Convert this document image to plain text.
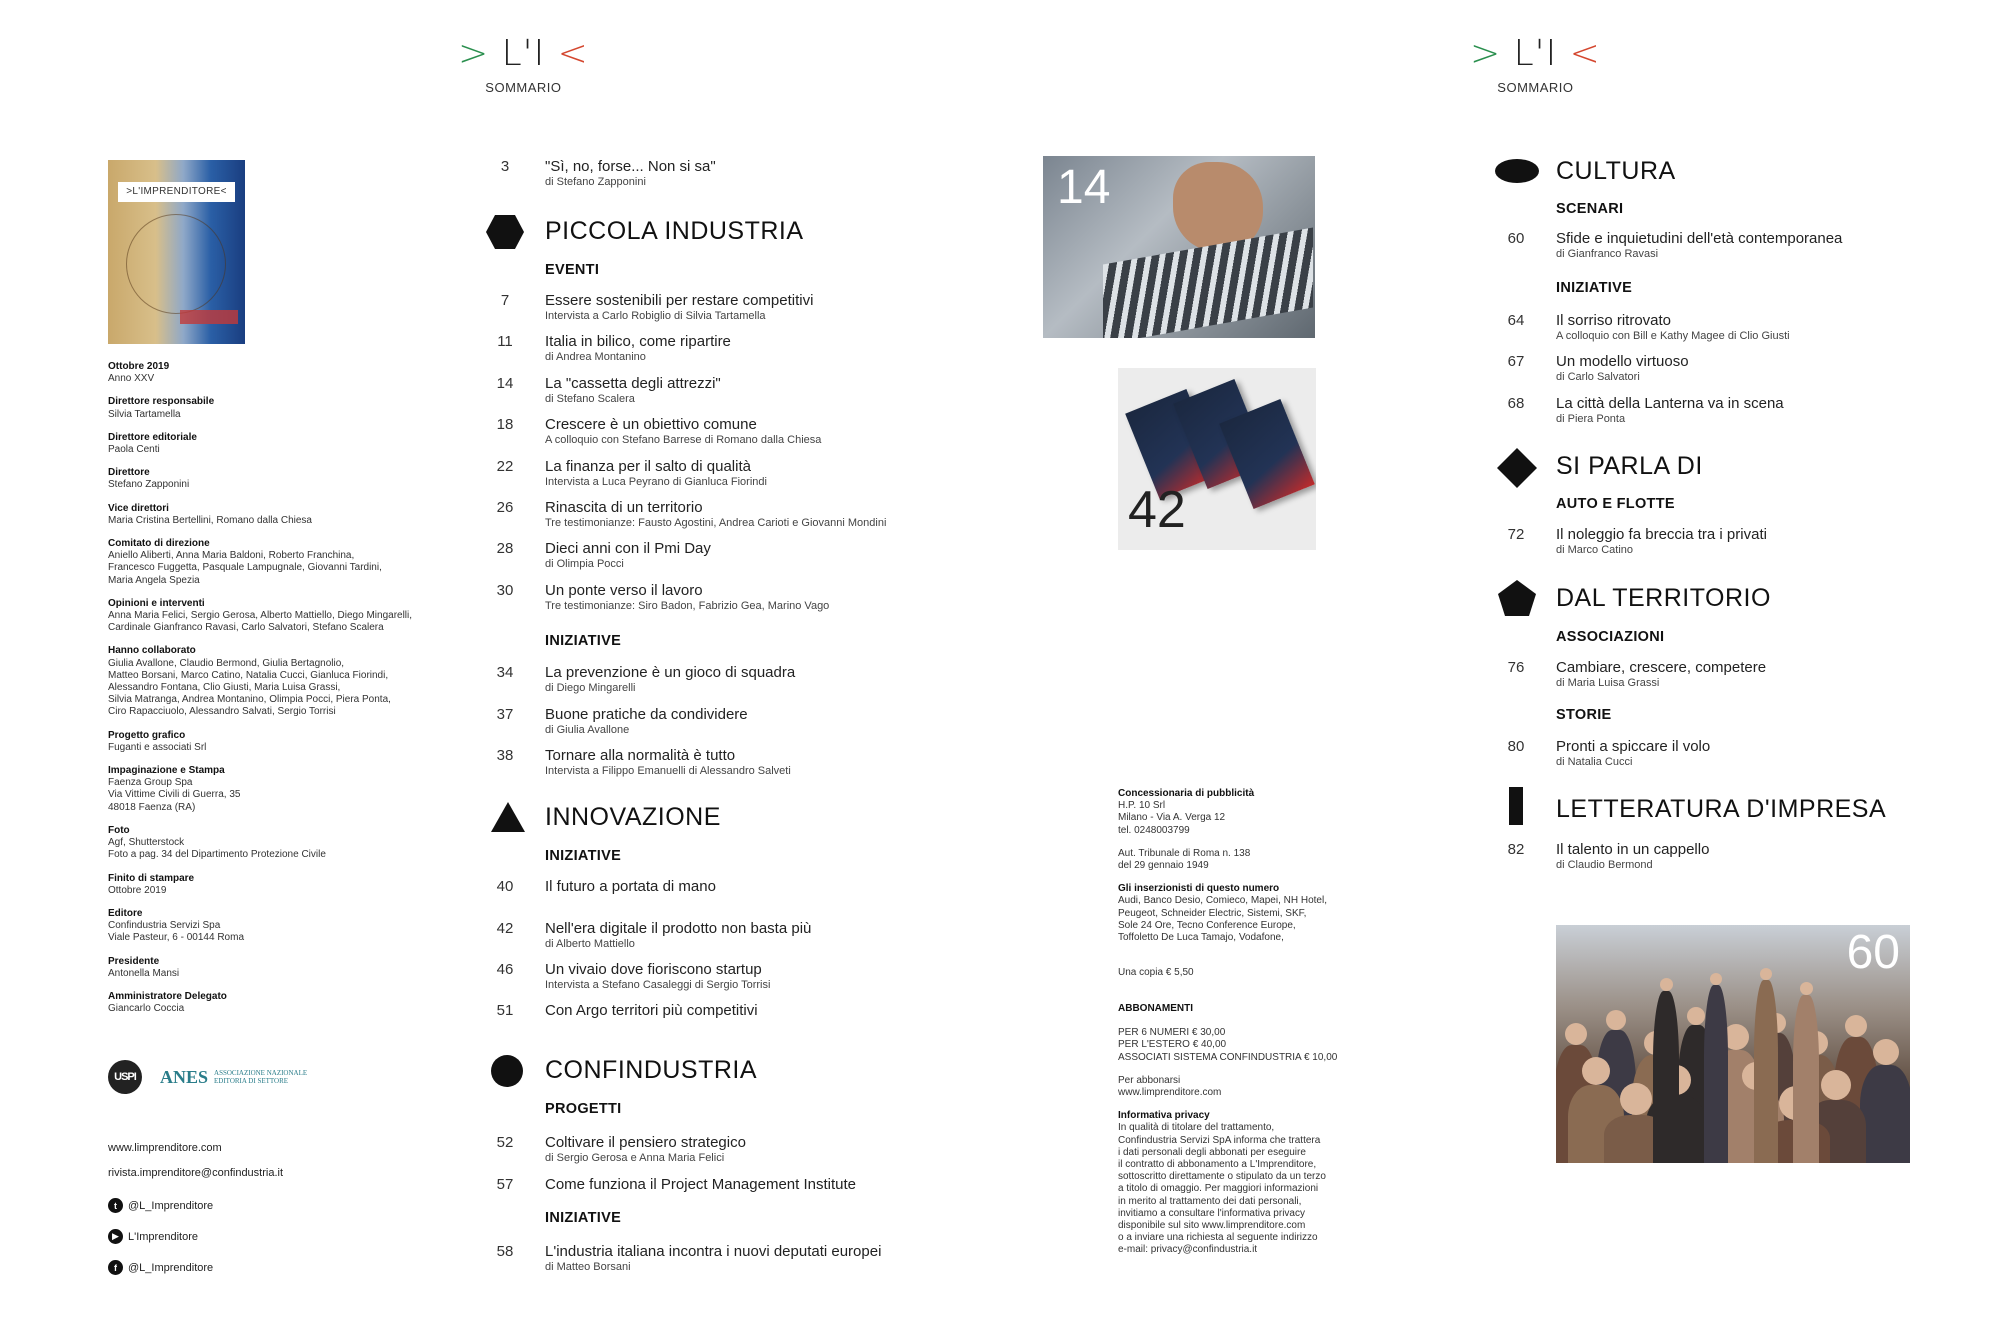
> L'I <
SOMMARIO
> L'I <
SOMMARIO
>L'IMPRENDITORE<
Ottobre 2019
Anno XXV
Direttore responsabile
Silvia Tartamella
Direttore editoriale
Paola Centi
Direttore
Stefano Zapponini
Vice direttori
Maria Cristina Bertellini, Romano dalla Chiesa
Comitato di direzione
Aniello Aliberti, Anna Maria Baldoni, Roberto Franchina,
Francesco Fuggetta, Pasquale Lampugnale, Giovanni Tardini,
Maria Angela Spezia
Opinioni e interventi
Anna Maria Felici, Sergio Gerosa, Alberto Mattiello, Diego Mingarelli,
Cardinale Gianfranco Ravasi, Carlo Salvatori, Stefano Scalera
Hanno collaborato
Giulia Avallone, Claudio Bermond, Giulia Bertagnolio,
Matteo Borsani, Marco Catino, Natalia Cucci, Gianluca Fiorindi,
Alessandro Fontana, Clio Giusti, Maria Luisa Grassi,
Silvia Matranga, Andrea Montanino, Olimpia Pocci, Piera Ponta,
Ciro Rapacciuolo, Alessandro Salvati, Sergio Torrisi
Progetto grafico
Fuganti e associati Srl
Impaginazione e Stampa
Faenza Group Spa
Via Vittime Civili di Guerra, 35
48018 Faenza (RA)
Foto
Agf, Shutterstock
Foto a pag. 34 del Dipartimento Protezione Civile
Finito di stampare
Ottobre 2019
Editore
Confindustria Servizi Spa
Viale Pasteur, 6 - 00144 Roma
Presidente
Antonella Mansi
Amministratore Delegato
Giancarlo Coccia
USPI	ANES ASSOCIAZIONE NAZIONALE
EDITORIA DI SETTORE
www.limprenditore.com
rivista.imprenditore@confindustria.it
t	@L_Imprenditore
▶ L'Imprenditore
f	@L_Imprenditore
3	"Sì, no, forse... Non si sa"
di Stefano Zapponini
PICCOLA INDUSTRIA
EVENTI
7	Essere sostenibili per restare competitivi
Intervista a Carlo Robiglio di Silvia Tartamella
11	Italia in bilico, come ripartire
di Andrea Montanino
14	La "cassetta degli attrezzi"
di Stefano Scalera
18	Crescere è un obiettivo comune
A colloquio con Stefano Barrese di Romano dalla Chiesa
22	La finanza per il salto di qualità
Intervista a Luca Peyrano di Gianluca Fiorindi
26	Rinascita di un territorio
Tre testimonianze: Fausto Agostini, Andrea Carioti e Giovanni Mondini
28	Dieci anni con il Pmi Day
di Olimpia Pocci
30	Un ponte verso il lavoro
Tre testimonianze: Siro Badon, Fabrizio Gea, Marino Vago
INIZIATIVE
34	La prevenzione è un gioco di squadra
di Diego Mingarelli
37	Buone pratiche da condividere
di Giulia Avallone
38	Tornare alla normalità è tutto
Intervista a Filippo Emanuelli di Alessandro Salveti
INNOVAZIONE
INIZIATIVE
40	Il futuro a portata di mano
42	Nell'era digitale il prodotto non basta più
di Alberto Mattiello
46	Un vivaio dove fioriscono startup
Intervista a Stefano Casaleggi di Sergio Torrisi
51	Con Argo territori più competitivi
CONFINDUSTRIA
PROGETTI
52	Coltivare il pensiero strategico
di Sergio Gerosa e Anna Maria Felici
57	Come funziona il Project Management Institute
INIZIATIVE
58	L'industria italiana incontra i nuovi deputati europei
di Matteo Borsani
14
42
60
Concessionaria di pubblicità
H.P. 10 Srl
Milano - Via A. Verga 12
tel. 0248003799
Aut. Tribunale di Roma n. 138
del 29 gennaio 1949
Gli inserzionisti di questo numero
Audi, Banco Desio, Comieco, Mapei, NH Hotel,
Peugeot, Schneider Electric, Sistemi, SKF,
Sole 24 Ore, Tecno Conference Europe,
Toffoletto De Luca Tamajo, Vodafone,
Una copia € 5,50
ABBONAMENTI
PER 6 NUMERI € 30,00
PER L'ESTERO € 40,00
ASSOCIATI SISTEMA CONFINDUSTRIA € 10,00
Per abbonarsi
www.limprenditore.com
Informativa privacy
In qualità di titolare del trattamento,
Confindustria Servizi SpA informa che trattera
i dati personali degli abbonati per eseguire
il contratto di abbonamento a L'Imprenditore,
sottoscritto direttamente o stipulato da un terzo
a titolo di omaggio. Per maggiori informazioni
in merito al trattamento dei dati personali,
invitiamo a consultare l'informativa privacy
disponibile sul sito www.limprenditore.com
o a inviare una richiesta al seguente indirizzo
e-mail: privacy@confindustria.it
CULTURA
SCENARI
60	Sfide e inquietudini dell'età contemporanea
di Gianfranco Ravasi
INIZIATIVE
64	Il sorriso ritrovato
A colloquio con Bill e Kathy Magee di Clio Giusti
67	Un modello virtuoso
di Carlo Salvatori
68	La città della Lanterna va in scena
di Piera Ponta
SI PARLA DI
AUTO E FLOTTE
72	Il noleggio fa breccia tra i privati
di Marco Catino
DAL TERRITORIO
ASSOCIAZIONI
76	Cambiare, crescere, competere
di Maria Luisa Grassi
STORIE
80	Pronti a spiccare il volo
di Natalia Cucci
LETTERATURA D'IMPRESA
82	Il talento in un cappello
di Claudio Bermond
